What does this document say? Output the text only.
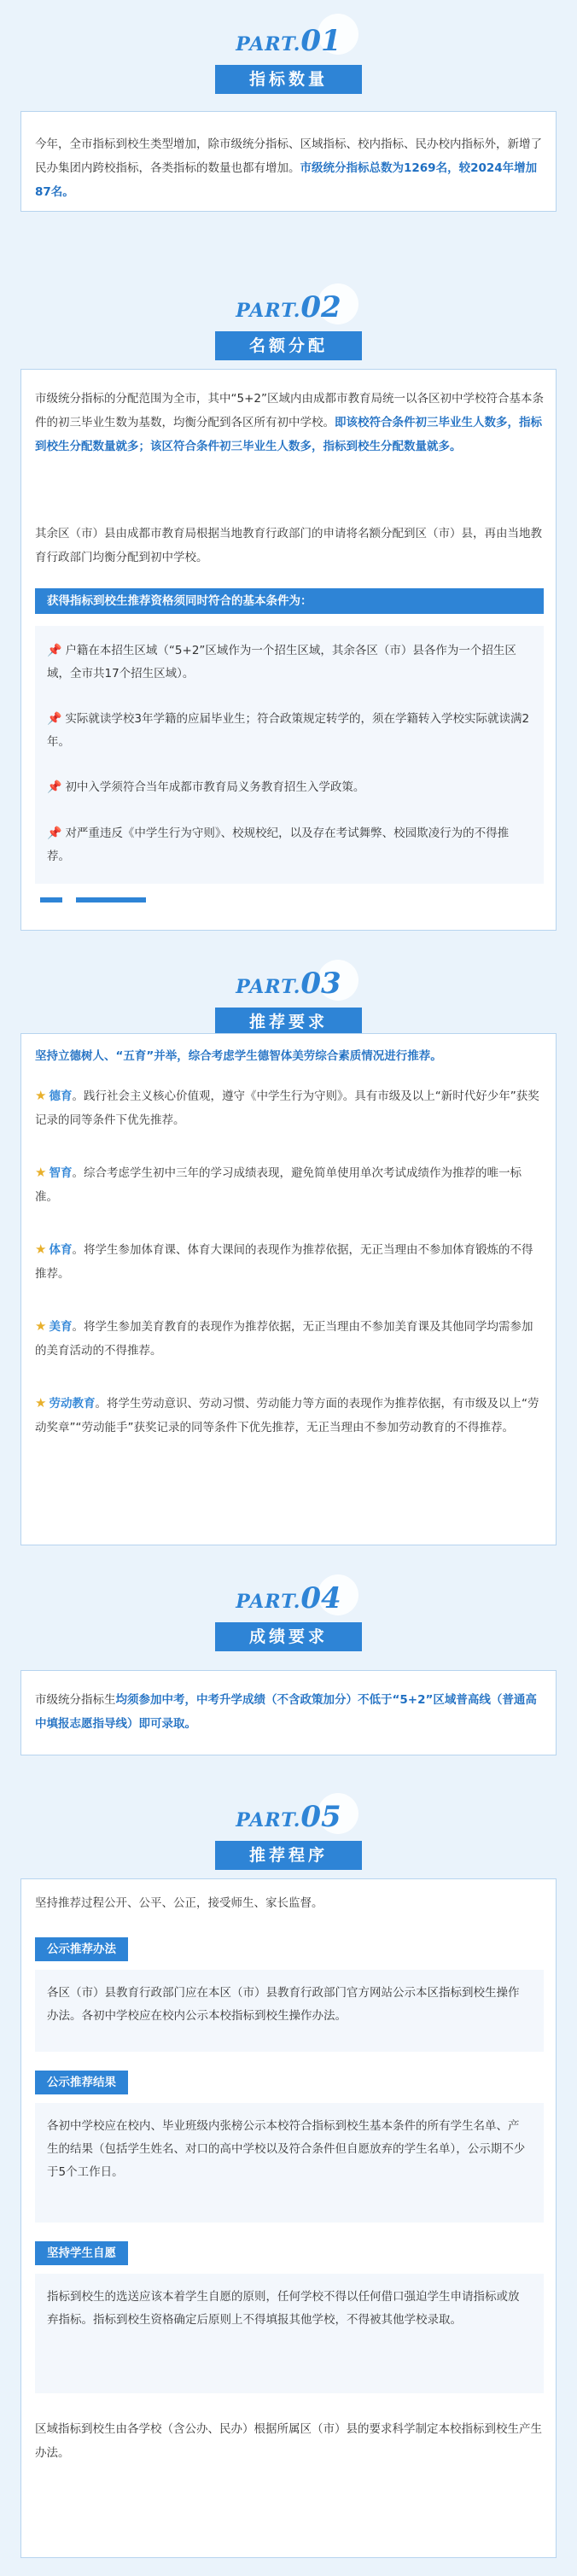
PART.01
指标数量

今年，全市指标到校生类型增加，除市级统分指标、区域指标、校内指标、民办校内指标外，新增了民办集团内跨校指标，各类指标的数量也都有增加。市级统分指标总数为1269名，较2024年增加87名。

PART.02
名额分配

市级统分指标的分配范围为全市，其中“5+2”区域内由成都市教育局统一以各区初中学校符合基本条件的初三毕业生数为基数，均衡分配到各区所有初中学校。即该校符合条件初三毕业生人数多，指标到校生分配数量就多；该区符合条件初三毕业生人数多，指标到校生分配数量就多。

其余区（市）县由成都市教育局根据当地教育行政部门的申请将名额分配到区（市）县，再由当地教育行政部门均衡分配到初中学校。

获得指标到校生推荐资格须同时符合的基本条件为：

📌 户籍在本招生区域（“5+2”区域作为一个招生区域，其余各区（市）县各作为一个招生区域，全市共17个招生区域）。

📌 实际就读学校3年学籍的应届毕业生；符合政策规定转学的，须在学籍转入学校实际就读满2年。

📌 初中入学须符合当年成都市教育局义务教育招生入学政策。

📌 对严重违反《中学生行为守则》、校规校纪，以及存在考试舞弊、校园欺凌行为的不得推荐。

PART.03
推荐要求

坚持立德树人、“五育”并举，综合考虑学生德智体美劳综合素质情况进行推荐。

★ 德育。践行社会主义核心价值观，遵守《中学生行为守则》。具有市级及以上“新时代好少年”获奖记录的同等条件下优先推荐。

★ 智育。综合考虑学生初中三年的学习成绩表现，避免简单使用单次考试成绩作为推荐的唯一标准。

★ 体育。将学生参加体育课、体育大课间的表现作为推荐依据，无正当理由不参加体育锻炼的不得推荐。

★ 美育。将学生参加美育教育的表现作为推荐依据，无正当理由不参加美育课及其他同学均需参加的美育活动的不得推荐。

★ 劳动教育。将学生劳动意识、劳动习惯、劳动能力等方面的表现作为推荐依据，有市级及以上“劳动奖章”“劳动能手”获奖记录的同等条件下优先推荐，无正当理由不参加劳动教育的不得推荐。

PART.04
成绩要求

市级统分指标生均须参加中考，中考升学成绩（不含政策加分）不低于“5+2”区域普高线（普通高中填报志愿指导线）即可录取。

PART.05
推荐程序

坚持推荐过程公开、公平、公正，接受师生、家长监督。

公示推荐办法

各区（市）县教育行政部门应在本区（市）县教育行政部门官方网站公示本区指标到校生操作办法。各初中学校应在校内公示本校指标到校生操作办法。

公示推荐结果

各初中学校应在校内、毕业班级内张榜公示本校符合指标到校生基本条件的所有学生名单、产生的结果（包括学生姓名、对口的高中学校以及符合条件但自愿放弃的学生名单），公示期不少于5个工作日。

坚持学生自愿

指标到校生的选送应该本着学生自愿的原则，任何学校不得以任何借口强迫学生申请指标或放弃指标。指标到校生资格确定后原则上不得填报其他学校，不得被其他学校录取。

区域指标到校生由各学校（含公办、民办）根据所属区（市）县的要求科学制定本校指标到校生产生办法。
